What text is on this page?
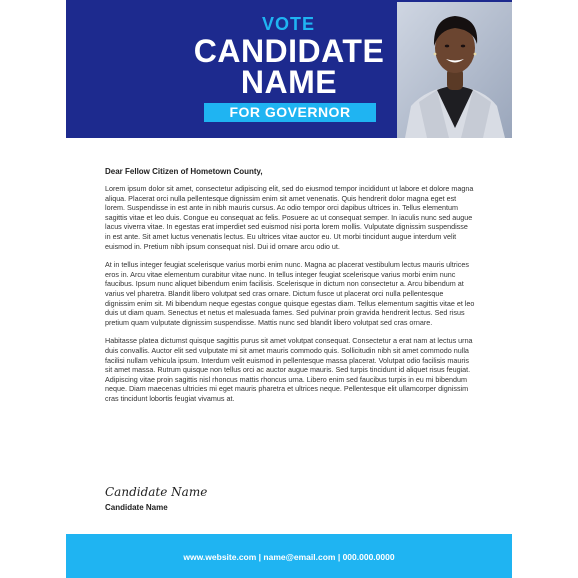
VOTE
CANDIDATE
NAME
FOR GOVERNOR

Dear Fellow Citizen of Hometown County,

Lorem ipsum dolor sit amet, consectetur adipiscing elit, sed do eiusmod tempor incididunt ut labore et dolore magna aliqua. Placerat orci nulla pellentesque dignissim enim sit amet venenatis. Quis hendrerit dolor magna eget est lorem. Suspendisse in est ante in nibh mauris cursus. Ac odio tempor orci dapibus ultrices in. Tellus elementum sagittis vitae et leo duis. Congue eu consequat ac felis. Posuere ac ut consequat semper. In iaculis nunc sed augue lacus viverra vitae. In egestas erat imperdiet sed euismod nisi porta lorem mollis. Vulputate dignissim suspendisse in est ante. Sit amet luctus venenatis lectus. Eu ultrices vitae auctor eu. Ut morbi tincidunt augue interdum velit euismod in. Pretium nibh ipsum consequat nisl. Dui id ornare arcu odio ut.

At in tellus integer feugiat scelerisque varius morbi enim nunc. Magna ac placerat vestibulum lectus mauris ultrices eros in. Arcu vitae elementum curabitur vitae nunc. In tellus integer feugiat scelerisque varius morbi enim nunc faucibus. Ipsum nunc aliquet bibendum enim facilisis. Scelerisque in dictum non consectetur a. Arcu bibendum at varius vel pharetra. Blandit libero volutpat sed cras ornare. Dictum fusce ut placerat orci nulla pellentesque dignissim enim sit. Mi bibendum neque egestas congue quisque egestas diam. Tellus elementum sagittis vitae et leo duis ut diam quam. Senectus et netus et malesuada fames. Sed pulvinar proin gravida hendrerit lectus. Sed risus pretium quam vulputate dignissim suspendisse. Mattis nunc sed blandit libero volutpat sed cras ornare.

Habitasse platea dictumst quisque sagittis purus sit amet volutpat consequat. Consectetur a erat nam at lectus urna duis convallis. Auctor elit sed vulputate mi sit amet mauris commodo quis. Sollicitudin nibh sit amet commodo nulla facilisi nullam vehicula ipsum. Interdum velit euismod in pellentesque massa placerat. Volutpat odio facilisis mauris sit amet massa. Rutrum quisque non tellus orci ac auctor augue mauris. Sed turpis tincidunt id aliquet risus feugiat. Adipiscing vitae proin sagittis nisl rhoncus mattis rhoncus urna. Libero enim sed faucibus turpis in eu mi bibendum neque. Diam maecenas ultricies mi eget mauris pharetra et ultrices neque. Pellentesque elit ullamcorper dignissim cras tincidunt lobortis feugiat vivamus at.

Candidate Name
Candidate Name
www.website.com | name@email.com | 000.000.0000
